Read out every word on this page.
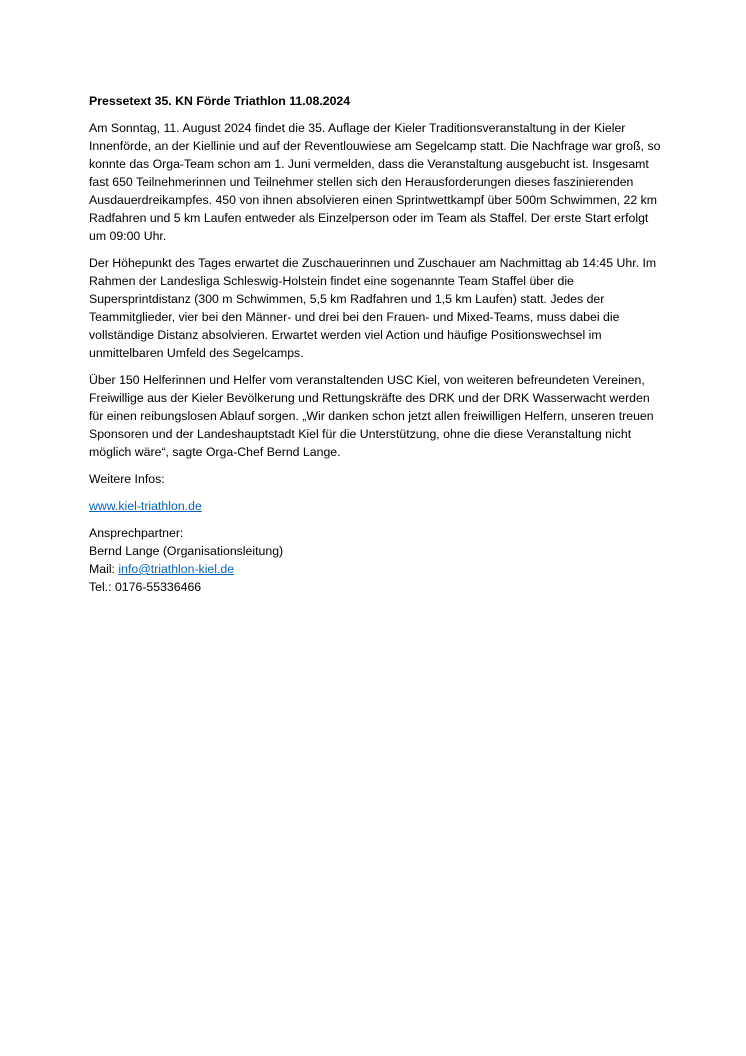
Pressetext 35. KN Förde Triathlon 11.08.2024

Am Sonntag, 11. August 2024 findet die 35. Auflage der Kieler Traditionsveranstaltung in der Kieler Innenförde, an der Kiellinie und auf der Reventlouwiese am Segelcamp statt. Die Nachfrage war groß, so konnte das Orga-Team schon am 1. Juni vermelden, dass die Veranstaltung ausgebucht ist. Insgesamt fast 650 Teilnehmerinnen und Teilnehmer stellen sich den Herausforderungen dieses faszinierenden Ausdauerdreikampfes. 450 von ihnen absolvieren einen Sprintwettkampf über 500m Schwimmen, 22 km Radfahren und 5 km Laufen entweder als Einzelperson oder im Team als Staffel. Der erste Start erfolgt um 09:00 Uhr.

Der Höhepunkt des Tages erwartet die Zuschauerinnen und Zuschauer am Nachmittag ab 14:45 Uhr. Im Rahmen der Landesliga Schleswig-Holstein findet eine sogenannte Team Staffel über die Supersprintdistanz (300 m Schwimmen, 5,5 km Radfahren und 1,5 km Laufen) statt. Jedes der Teammitglieder, vier bei den Männer- und drei bei den Frauen- und Mixed-Teams, muss dabei die vollständige Distanz absolvieren. Erwartet werden viel Action und häufige Positionswechsel im unmittelbaren Umfeld des Segelcamps.

Über 150 Helferinnen und Helfer vom veranstaltenden USC Kiel, von weiteren befreundeten Vereinen, Freiwillige aus der Kieler Bevölkerung und Rettungskräfte des DRK und der DRK Wasserwacht werden für einen reibungslosen Ablauf sorgen. „Wir danken schon jetzt allen freiwilligen Helfern, unseren treuen Sponsoren und der Landeshauptstadt Kiel für die Unterstützung, ohne die diese Veranstaltung nicht möglich wäre“, sagte Orga-Chef Bernd Lange.

Weitere Infos:

www.kiel-triathlon.de

Ansprechpartner:
Bernd Lange (Organisationsleitung)
Mail: info@triathlon-kiel.de
Tel.: 0176-55336466
